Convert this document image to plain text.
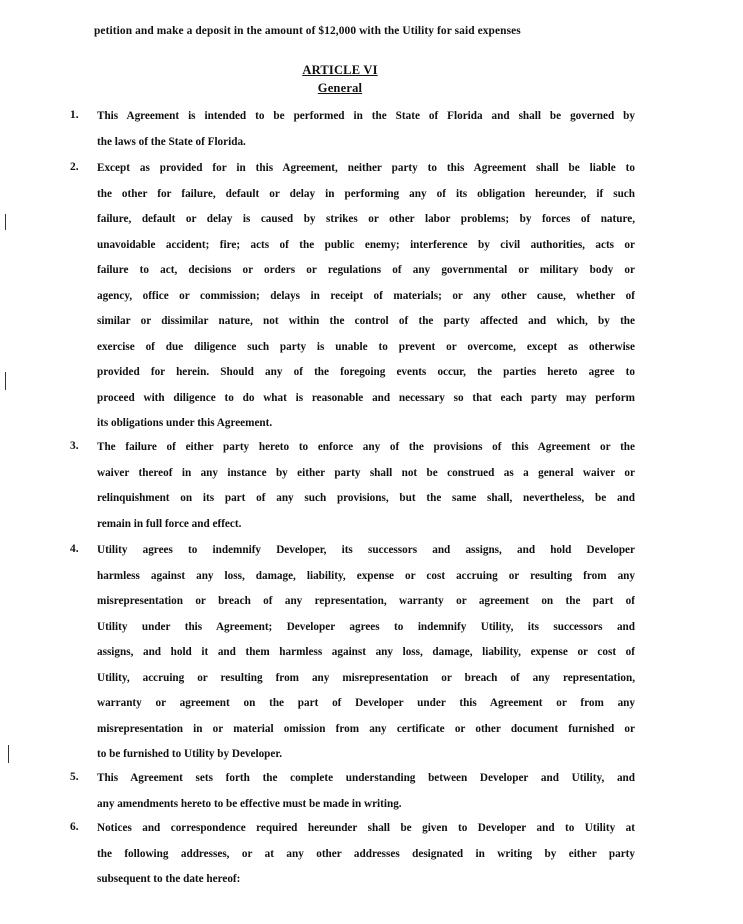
petition and make a deposit in the amount of $12,000 with the Utility for said expenses
ARTICLE VI
General
1.	This Agreement is intended to be performed in the State of Florida and shall be governed by
the laws of the State of Florida.
2.	Except as provided for in this Agreement, neither party to this Agreement shall be liable to
the other for failure, default or delay in performing any of its obligation hereunder, if such
failure, default or delay is caused by strikes or other labor problems; by forces of nature,
unavoidable accident; fire; acts of the public enemy; interference by civil authorities, acts or
failure to act, decisions or orders or regulations of any governmental or military body or
agency, office or commission; delays in receipt of materials; or any other cause, whether of
similar or dissimilar nature, not within the control of the party affected and which, by the
exercise of due diligence such party is unable to prevent or overcome, except as otherwise
provided for herein. Should any of the foregoing events occur, the parties hereto agree to
proceed with diligence to do what is reasonable and necessary so that each party may perform
its obligations under this Agreement.
3.	The failure of either party hereto to enforce any of the provisions of this Agreement or the
waiver thereof in any instance by either party shall not be construed as a general waiver or
relinquishment on its part of any such provisions, but the same shall, nevertheless, be and
remain in full force and effect.
4.	Utility agrees to indemnify Developer, its successors and assigns, and hold Developer
harmless against any loss, damage, liability, expense or cost accruing or resulting from any
misrepresentation or breach of any representation, warranty or agreement on the part of
Utility under this Agreement; Developer agrees to indemnify Utility, its successors and
assigns, and hold it and them harmless against any loss, damage, liability, expense or cost of
Utility, accruing or resulting from any misrepresentation or breach of any representation,
warranty or agreement on the part of Developer under this Agreement or from any
misrepresentation in or material omission from any certificate or other document furnished or
to be furnished to Utility by Developer.
5.	This Agreement sets forth the complete understanding between Developer and Utility, and
any amendments hereto to be effective must be made in writing.
6.	Notices and correspondence required hereunder shall be given to Developer and to Utility at
the following addresses, or at any other addresses designated in writing by either party
subsequent to the date hereof:
